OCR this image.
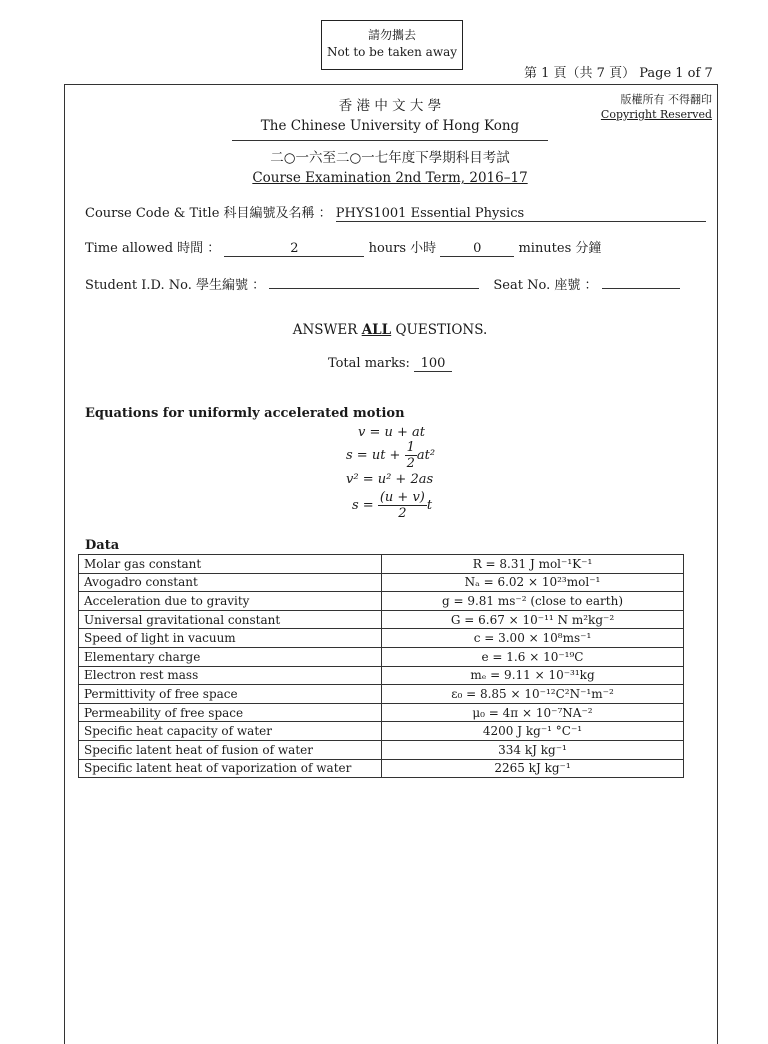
請勿攜去
Not to be taken away
第 1 頁（共 7 頁） Page 1 of 7
版權所有 不得翻印
Copyright Reserved
香 港 中 文 大 學
The Chinese University of Hong Kong
二○一六至二○一七年度下學期科目考試
Course Examination 2nd Term, 2016–17
Course Code & Title 科目編號及名稱 ： PHYS1001 Essential Physics
Time allowed 時間 ：	2	hours 小時	0	minutes 分鐘
Student I.D. No. 學生編號 ：	Seat No. 座號 ：
ANSWER ALL QUESTIONS.
Total marks: 100
Equations for uniformly accelerated motion
v = u + at
s = ut + $\frac{1}{2} at^2$
v² = u² + 2as
$s = \frac{(u + v)}{2}$ t
Data
Molar gas constant	R = 8.31 J mol⁻¹K⁻¹
Avogadro constant	Nₐ = 6.02 × 10²³mol⁻¹
Acceleration due to gravity	g = 9.81 ms⁻² (close to earth)
Universal gravitational constant	G = 6.67 × 10⁻¹¹ N m²kg⁻²
Speed of light in vacuum	c = 3.00 × 10⁸ms⁻¹
Elementary charge	e = 1.6 × 10⁻¹⁹C
Electron rest mass	mₑ = 9.11 × 10⁻³¹kg
Permittivity of free space	ε₀ = 8.85 × 10⁻¹²C²N⁻¹m⁻²
Permeability of free space	μ₀ = 4π × 10⁻⁷NA⁻²
Specific heat capacity of water	4200 J kg⁻¹ °C⁻¹
Specific latent heat of fusion of water	334 kJ kg⁻¹
Specific latent heat of vaporization of water	2265 kJ kg⁻¹
